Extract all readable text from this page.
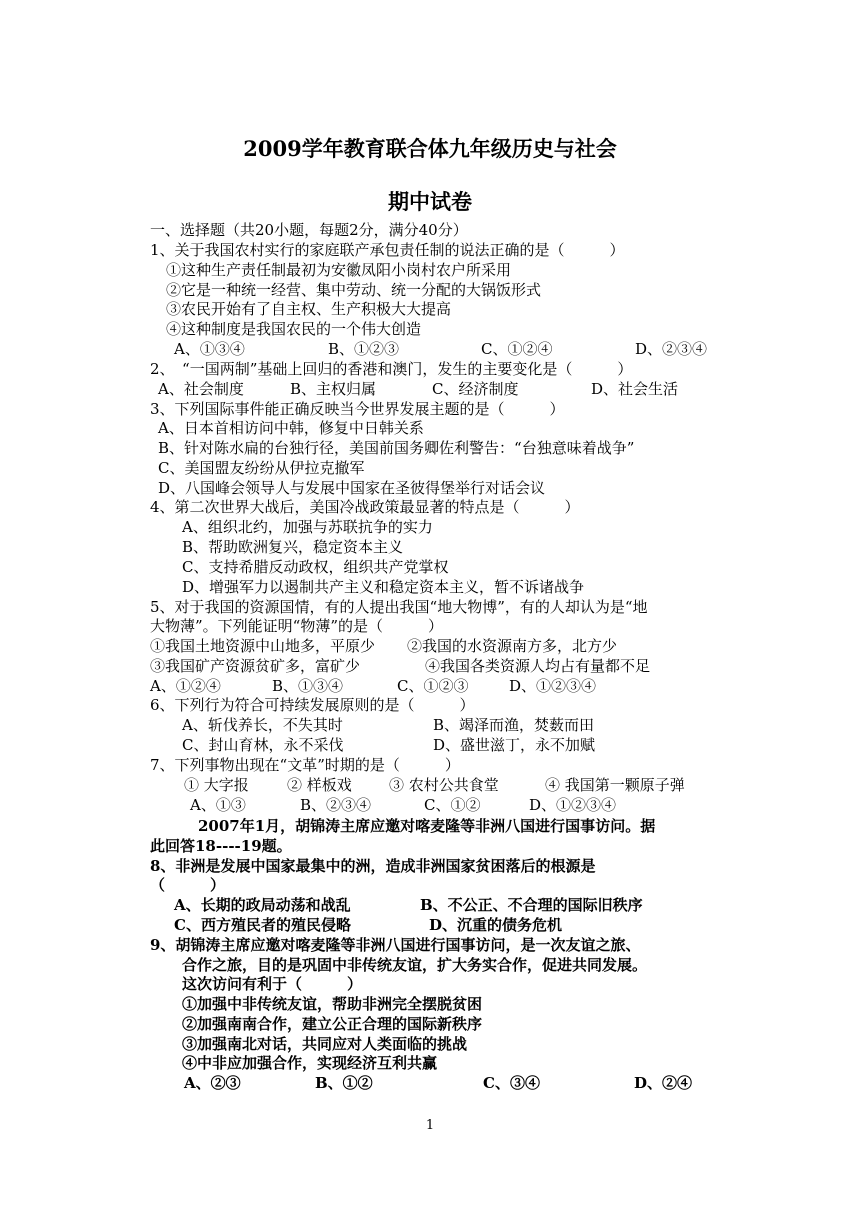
2009学年教育联合体九年级历史与社会
期中试卷
一、选择题（共20小题，每题2分，满分40分）
1、关于我国农村实行的家庭联产承包责任制的说法正确的是（　　　）
①这种生产责任制最初为安徽凤阳小岗村农户所采用
②它是一种统一经营、集中劳动、统一分配的大锅饭形式
③农民开始有了自主权、生产积极大大提高
④这种制度是我国农民的一个伟大创造
A、①③④	B、①②③	C、①②④	D、②③④
2、　“一国两制”基础上回归的香港和澳门，发生的主要变化是（　　　）
A、社会制度	B、主权归属	C、经济制度	D、社会生活
3、下列国际事件能正确反映当今世界发展主题的是（　　　）
A、日本首相访问中韩，修复中日韩关系
B、针对陈水扁的台独行径，美国前国务卿佐利警告：“台独意味着战争”
C、美国盟友纷纷从伊拉克撤军
D、八国峰会领导人与发展中国家在圣彼得堡举行对话会议
4、第二次世界大战后，美国冷战政策最显著的特点是（　　　）
A、组织北约，加强与苏联抗争的实力
B、帮助欧洲复兴，稳定资本主义
C、支持希腊反动政权，组织共产党掌权
D、增强军力以遏制共产主义和稳定资本主义，暂不诉诸战争
5、对于我国的资源国情，有的人提出我国“地大物博”，有的人却认为是“地
大物薄”。下列能证明“物薄”的是（　　　）
①我国土地资源中山地多，平原少 ②我国的水资源南方多，北方少
③我国矿产资源贫矿多，富矿少	④我国各类资源人均占有量都不足
A、①②④	B、①③④	C、①②③	D、①②③④
6、下列行为符合可持续发展原则的是（　　　）
A、斩伐养长，不失其时	B、竭泽而渔，焚薮而田
C、封山育林，永不采伐	D、盛世滋丁，永不加赋
7、下列事物出现在“文革”时期的是（　　　）
① 大字报	② 样板戏 ③ 农村公共食堂	④ 我国第一颗原子弹
A、①③	B、②③④	C、①②	D、①②③④
2007年1月，胡锦涛主席应邀对喀麦隆等非洲八国进行国事访问。据
此回答18----19题。
8、非洲是发展中国家最集中的洲，造成非洲国家贫困落后的根源是
（　　　）
A、长期的政局动荡和战乱	B、不公正、不合理的国际旧秩序
C、西方殖民者的殖民侵略	D、沉重的债务危机
9、胡锦涛主席应邀对喀麦隆等非洲八国进行国事访问，是一次友谊之旅、
合作之旅，目的是巩固中非传统友谊，扩大务实合作，促进共同发展。
这次访问有利于（　　　）
①加强中非传统友谊，帮助非洲完全摆脱贫困
②加强南南合作，建立公正合理的国际新秩序
③加强南北对话，共同应对人类面临的挑战
④中非应加强合作，实现经济互利共赢
A、②③	B、①②	C、③④	D、②④
1
